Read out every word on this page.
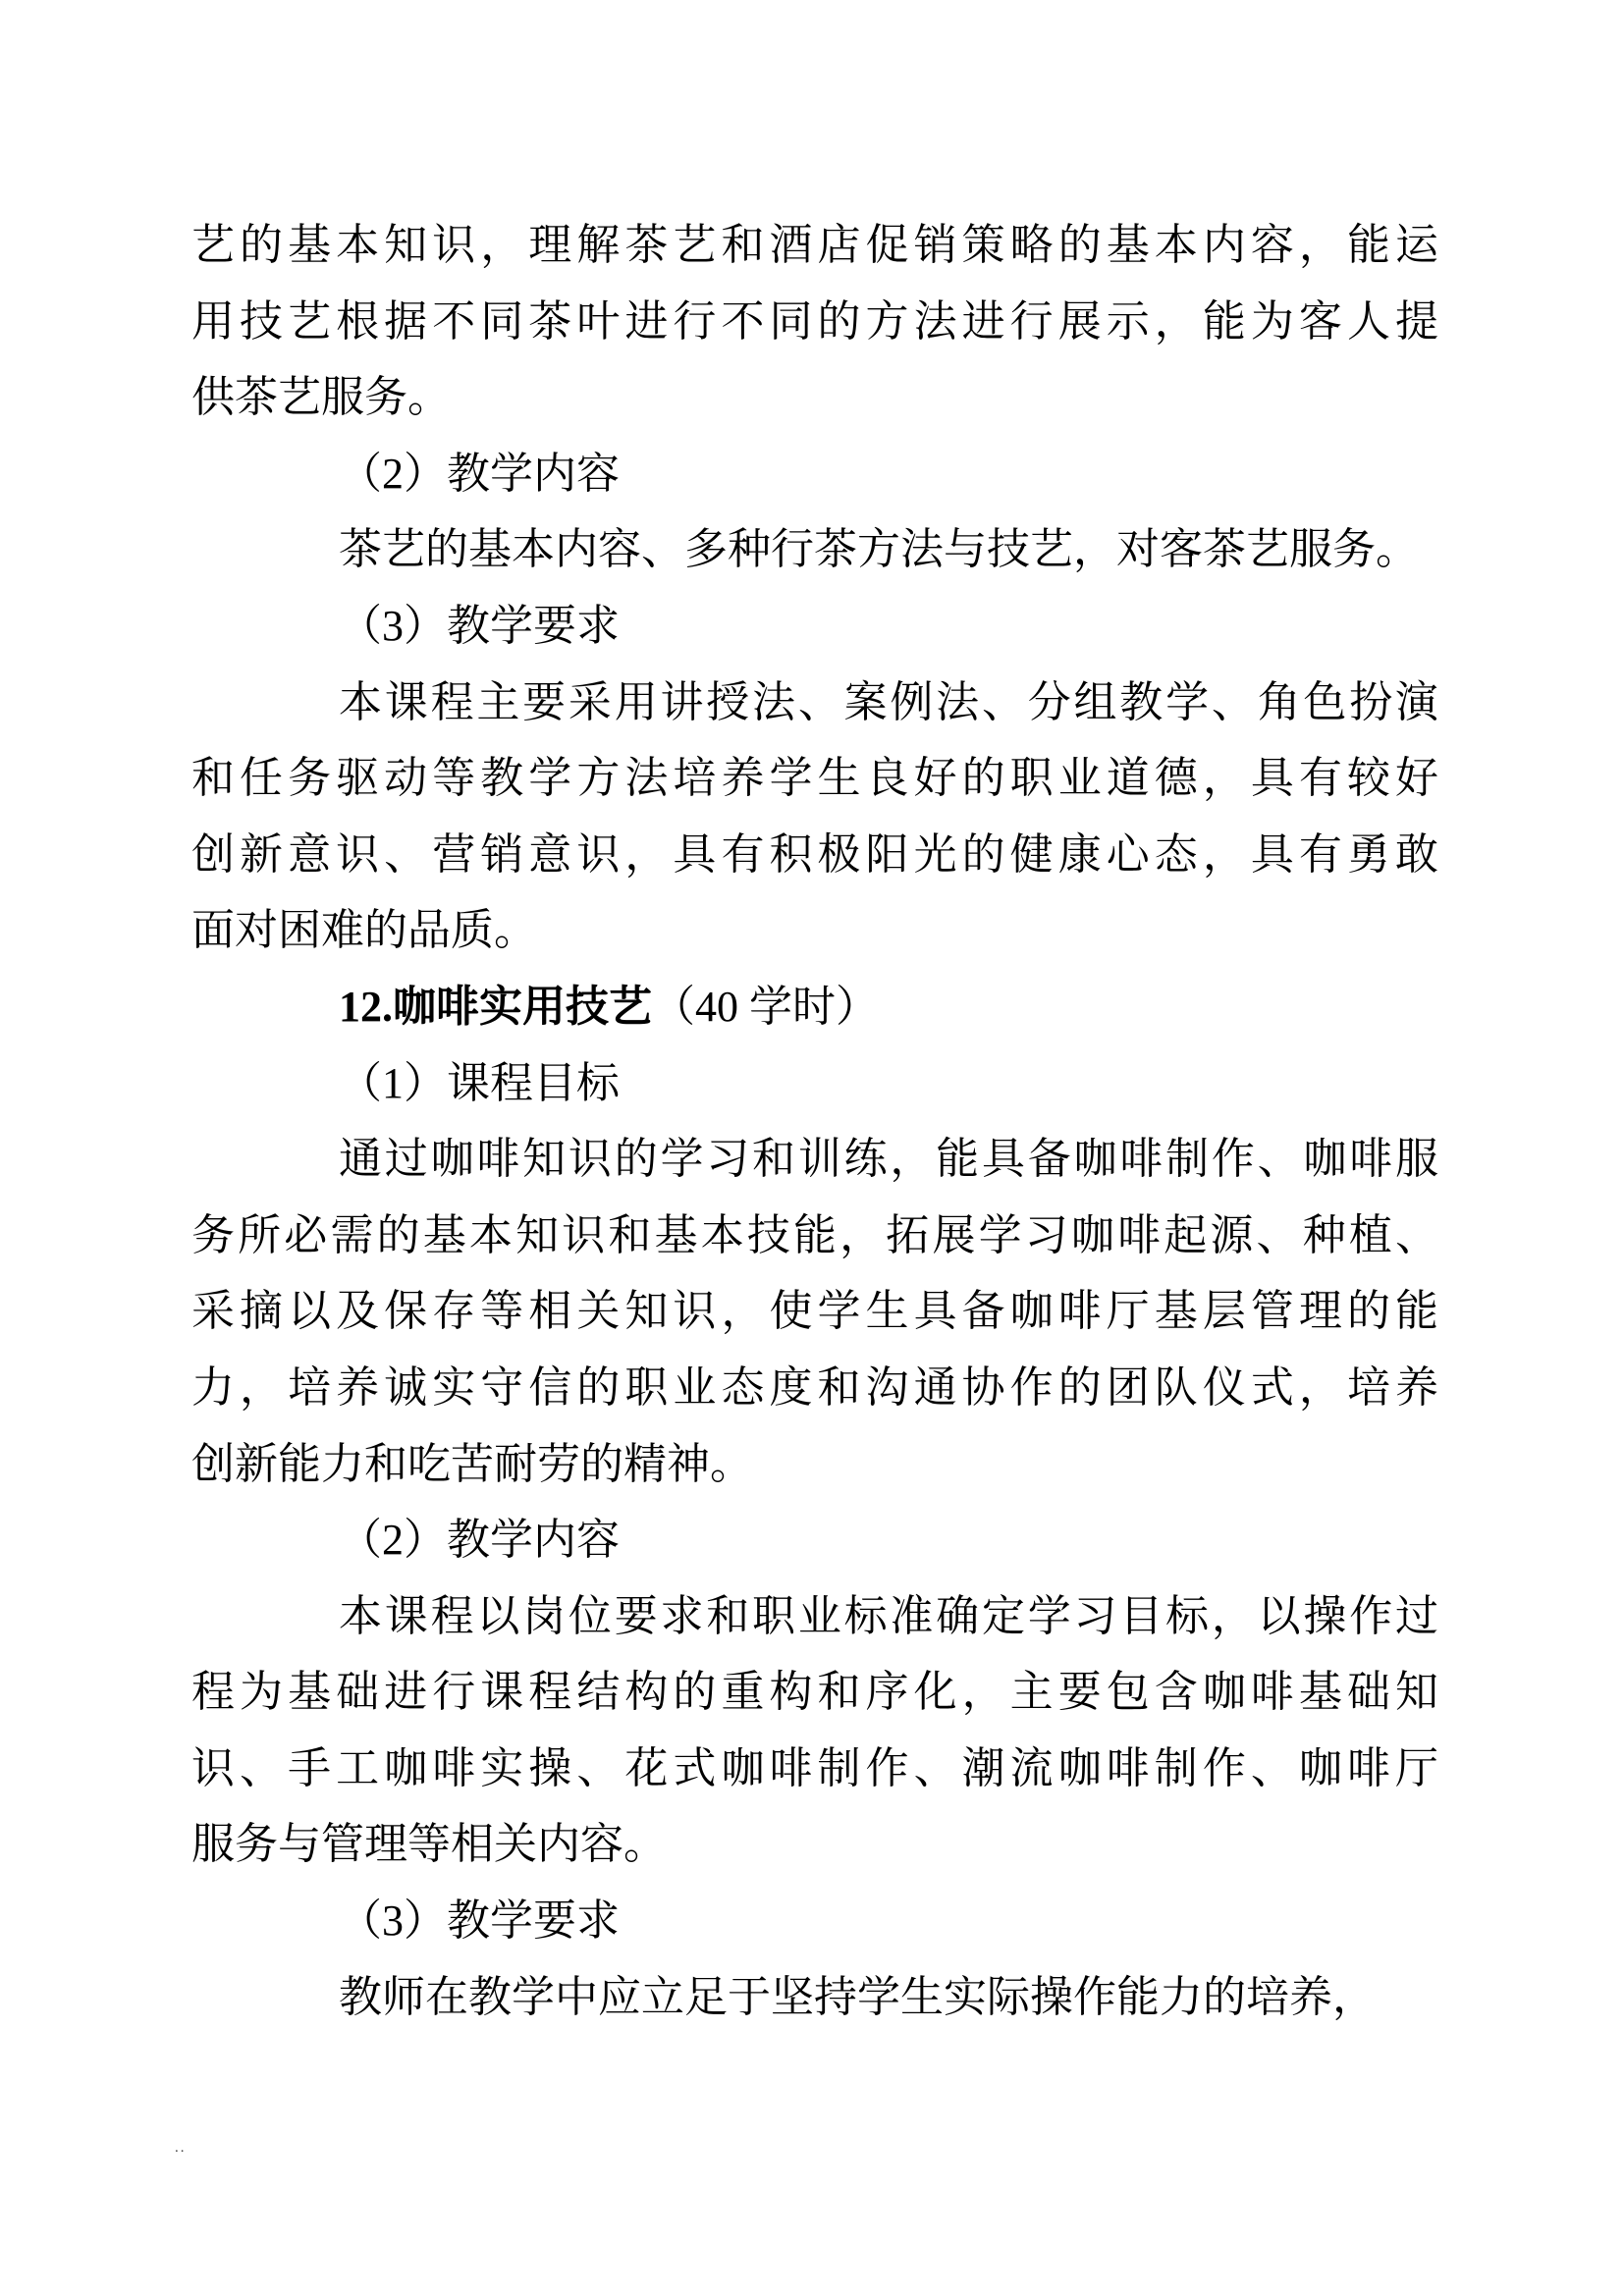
艺的基本知识，理解茶艺和酒店促销策略的基本内容，能运
用技艺根据不同茶叶进行不同的方法进行展示，能为客人提
供茶艺服务。
（2）教学内容
茶艺的基本内容、多种行茶方法与技艺，对客茶艺服务。
（3）教学要求
本课程主要采用讲授法、案例法、分组教学、角色扮演
和任务驱动等教学方法培养学生良好的职业道德，具有较好
创新意识、营销意识，具有积极阳光的健康心态，具有勇敢
面对困难的品质。
12.咖啡实用技艺（40 学时）
（1）课程目标
通过咖啡知识的学习和训练，能具备咖啡制作、咖啡服
务所必需的基本知识和基本技能，拓展学习咖啡起源、种植、
采摘以及保存等相关知识，使学生具备咖啡厅基层管理的能
力，培养诚实守信的职业态度和沟通协作的团队仪式，培养
创新能力和吃苦耐劳的精神。
（2）教学内容
本课程以岗位要求和职业标准确定学习目标，以操作过
程为基础进行课程结构的重构和序化，主要包含咖啡基础知
识、手工咖啡实操、花式咖啡制作、潮流咖啡制作、咖啡厅
服务与管理等相关内容。
（3）教学要求
教师在教学中应立足于坚持学生实际操作能力的培养，
..
